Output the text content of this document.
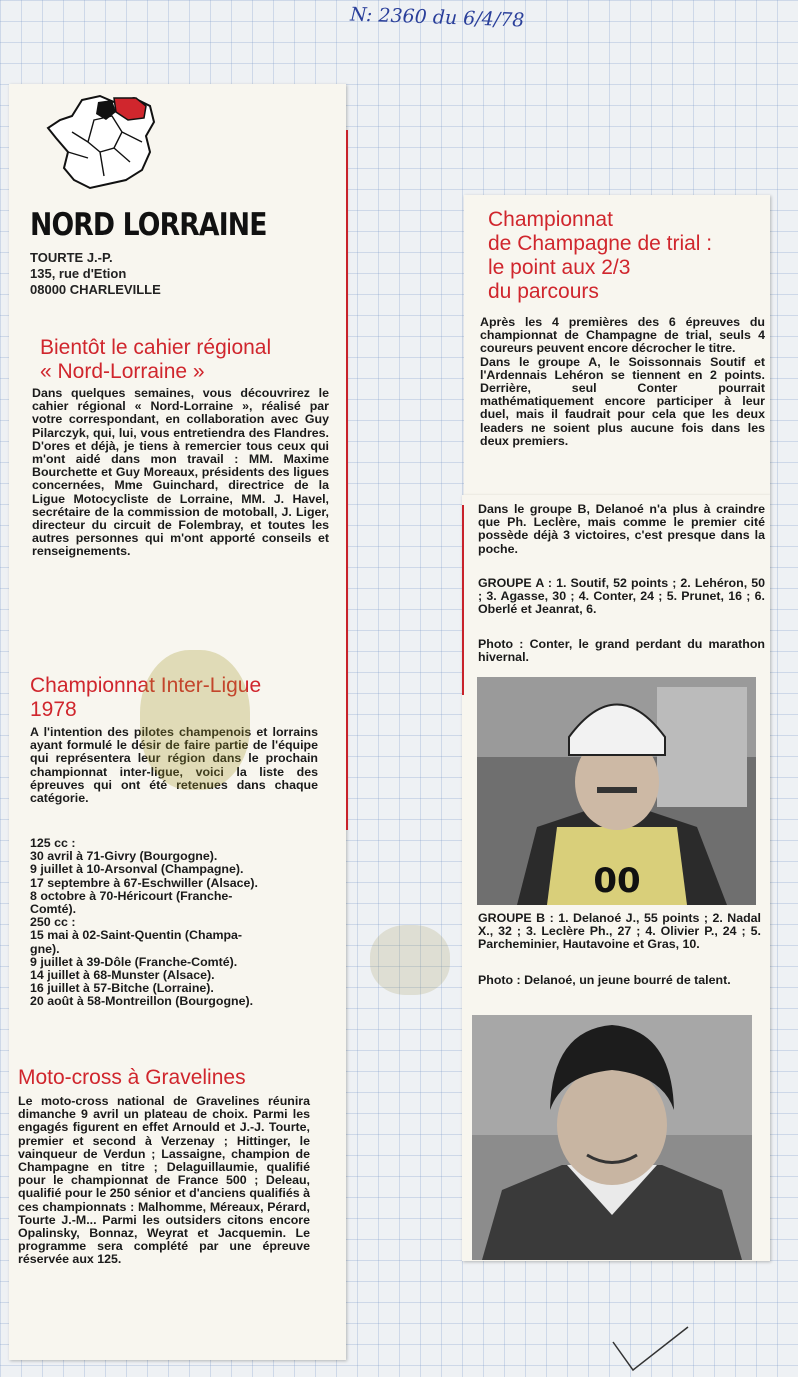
N: 2360 du 6/4/78
NORD LORRAINE
TOURTE J.-P.
135, rue d'Etion
08000 CHARLEVILLE
Bientôt le cahier régional
« Nord-Lorraine »

Dans quelques semaines, vous découvrirez le cahier régional « Nord-Lorraine », réalisé par votre correspondant, en collaboration avec Guy Pilarczyk, qui, lui, vous entretiendra des Flandres. D'ores et déjà, je tiens à remercier tous ceux qui m'ont aidé dans mon travail : MM. Maxime Bourchette et Guy Moreaux, présidents des ligues concernées, Mme Guinchard, directrice de la Ligue Motocycliste de Lorraine, MM. J. Havel, secrétaire de la commission de motoball, J. Liger, directeur du circuit de Folembray, et toutes les autres personnes qui m'ont apporté conseils et renseignements.

Championnat Inter-Ligue
1978

A l'intention des pilotes champenois et lorrains ayant formulé le désir de faire partie de l'équipe qui représentera leur région dans le prochain championnat inter-ligue, voici la liste des épreuves qui ont été retenues dans chaque catégorie.

125 cc :
30 avril à 71-Givry (Bourgogne).
9 juillet à 10-Arsonval (Champagne).
17 septembre à 67-Eschwiller (Alsace).
8 octobre à 70-Héricourt (Franche-
Comté).
250 cc :
15 mai à 02-Saint-Quentin (Champa-
gne).
9 juillet à 39-Dôle (Franche-Comté).
14 juillet à 68-Munster (Alsace).
16 juillet à 57-Bitche (Lorraine).
20 août à 58-Montreillon (Bourgogne).
Moto-cross à Gravelines

Le moto-cross national de Gravelines réunira dimanche 9 avril un plateau de choix. Parmi les engagés figurent en effet Arnould et J.-J. Tourte, premier et second à Verzenay ; Hittinger, le vainqueur de Verdun ; Lassaigne, champion de Champagne en titre ; Delaguillaumie, qualifié pour le championnat de France 500 ; Deleau, qualifié pour le 250 sénior et d'anciens qualifiés à ces championnats : Malhomme, Méreaux, Pérard, Tourte J.-M... Parmi les outsiders citons encore Opalinsky, Bonnaz, Weyrat et Jacquemin. Le programme sera complété par une épreuve réservée aux 125.

Championnat
de Champagne de trial :
le point aux 2/3
du parcours

Après les 4 premières des 6 épreuves du championnat de Champagne de trial, seuls 4 coureurs peuvent encore décrocher le titre.

Dans le groupe A, le Soissonnais Soutif et l'Ardennais Lehéron se tiennent en 2 points. Derrière, seul Conter pourrait mathématiquement encore participer à leur duel, mais il faudrait pour cela que les deux leaders ne soient plus aucune fois dans les deux premiers.

Dans le groupe B, Delanoé n'a plus à craindre que Ph. Leclère, mais comme le premier cité possède déjà 3 victoires, c'est presque dans la poche.

GROUPE A : 1. Soutif, 52 points ; 2. Lehéron, 50 ; 3. Agasse, 30 ; 4. Conter, 24 ; 5. Prunet, 16 ; 6. Oberlé et Jeanrat, 6.
Photo : Conter, le grand perdant du marathon hivernal.
00
GROUPE B : 1. Delanoé J., 55 points ; 2. Nadal X., 32 ; 3. Leclère Ph., 27 ; 4. Olivier P., 24 ; 5. Parcheminier, Hautavoine et Gras, 10.
Photo : Delanoé, un jeune bourré de talent.
